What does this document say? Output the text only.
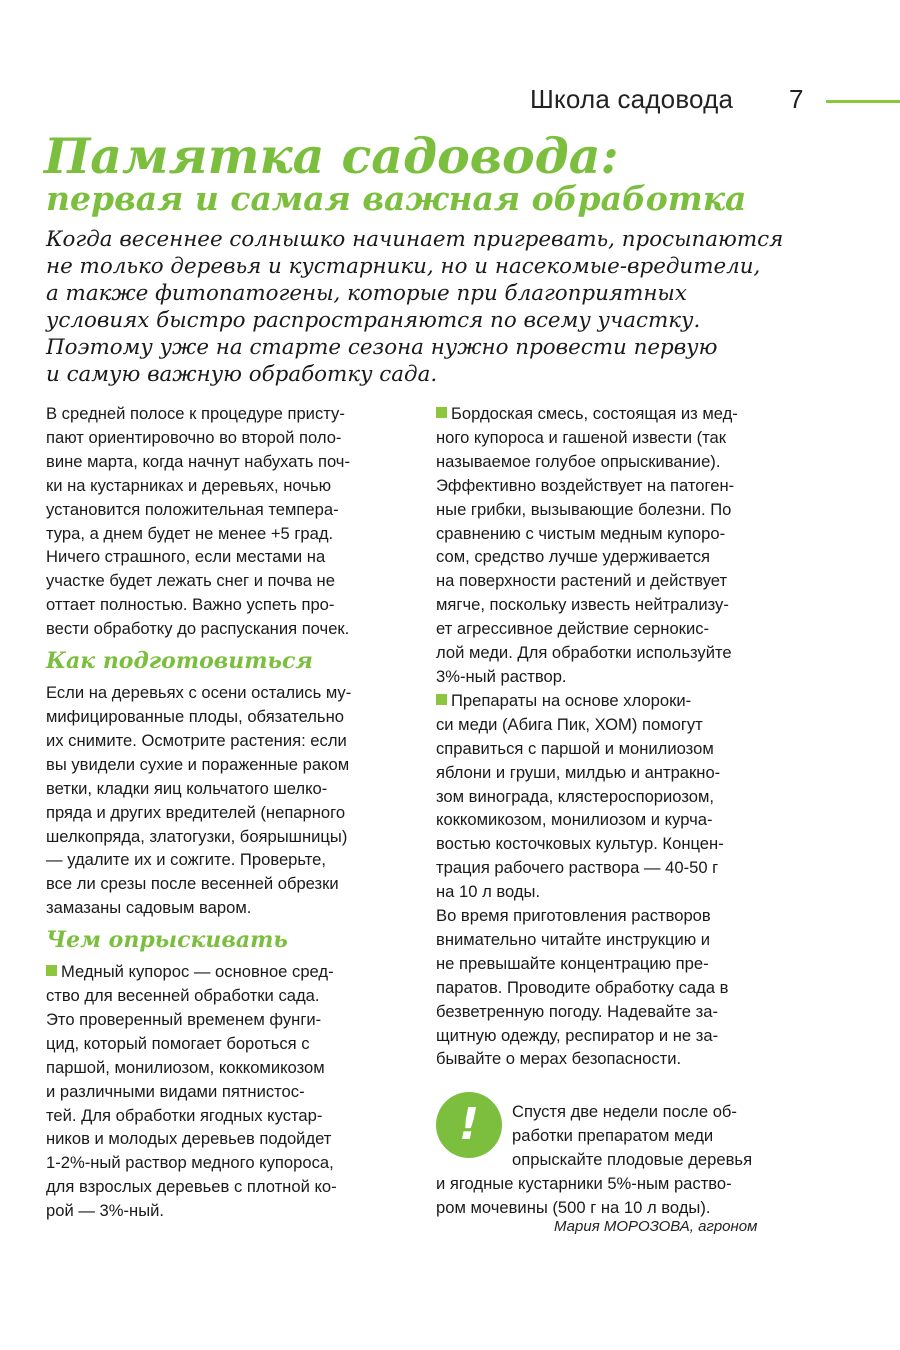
Школа садовода 7
Памятка садовода:
первая и самая важная обработка
Когда весеннее солнышко начинает пригревать, просыпаются
не только деревья и кустарники, но и насекомые-вредители,
а также фитопатогены, которые при благоприятных
условиях быстро распространяются по всему участку.
Поэтому уже на старте сезона нужно провести первую
и самую важную обработку сада.
В средней полосе к процедуре присту-
пают ориентировочно во второй поло-
вине марта, когда начнут набухать поч-
ки на кустарниках и деревьях, ночью
установится положительная темпера-
тура, а днем будет не менее +5 град.
Ничего страшного, если местами на
участке будет лежать снег и почва не
оттает полностью. Важно успеть про-
вести обработку до распускания почек.
Как подготовиться
Если на деревьях с осени остались му-
мифицированные плоды, обязательно
их снимите. Осмотрите растения: если
вы увидели сухие и пораженные раком
ветки, кладки яиц кольчатого шелко-
пряда и других вредителей (непарного
шелкопряда, златогузки, боярышницы)
— удалите их и сожгите. Проверьте,
все ли срезы после весенней обрезки
замазаны садовым варом.
Чем опрыскивать
Медный купорос — основное сред-
ство для весенней обработки сада.
Это проверенный временем фунги-
цид, который помогает бороться с
паршой, монилиозом, коккомикозом
и различными видами пятнистос-
тей. Для обработки ягодных кустар-
ников и молодых деревьев подойдет
1-2%-ный раствор медного купороса,
для взрослых деревьев с плотной ко-
рой — 3%-ный.
Бордоская смесь, состоящая из мед-
ного купороса и гашеной извести (так
называемое голубое опрыскивание).
Эффективно воздействует на патоген-
ные грибки, вызывающие болезни. По
сравнению с чистым медным купоро-
сом, средство лучше удерживается
на поверхности растений и действует
мягче, поскольку известь нейтрализу-
ет агрессивное действие сернокис-
лой меди. Для обработки используйте
3%-ный раствор.
Препараты на основе хлорoки-
си меди (Абига Пик, ХОМ) помогут
справиться с паршой и монилиозом
яблони и груши, милдью и антракно-
зом винограда, клястероспориозом,
коккомикозом, монилиозом и курча-
востью косточковых культур. Концен-
трация рабочего раствора — 40-50 г
на 10 л воды.
Во время приготовления растворов
внимательно читайте инструкцию и
не превышайте концентрацию пре-
паратов. Проводите обработку сада в
безветренную погоду. Надевайте за-
щитную одежду, респиратор и не за-
бывайте о мерах безопасности.
!	Спустя две недели после об-
работки препаратом меди
опрыскайте плодовые деревья
и ягодные кустарники 5%-ным раство-
ром мочевины (500 г на 10 л воды).
Мария МОРОЗОВА, агроном
